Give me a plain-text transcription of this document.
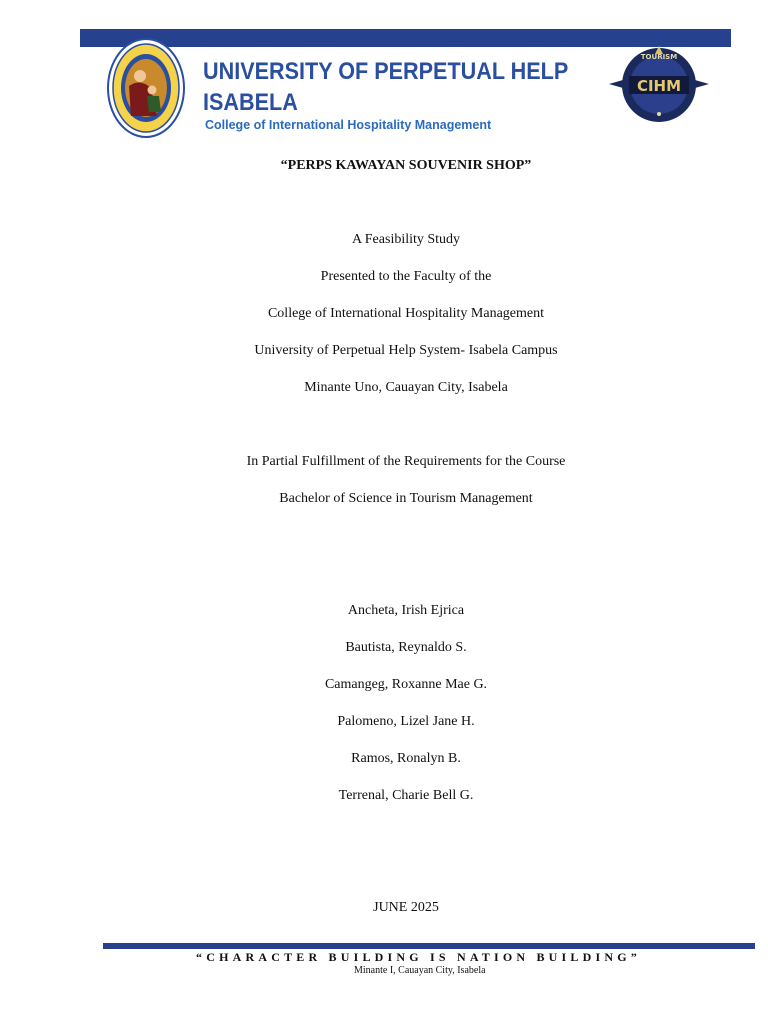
UNIVERSITY OF PERPETUAL HELP
ISABELA
College of International Hospitality Management
TOURISM
CIHM
“PERPS KAWAYAN SOUVENIR SHOP”
A Feasibility Study
Presented to the Faculty of the
College of International Hospitality Management
University of Perpetual Help System- Isabela Campus
Minante Uno, Cauayan City, Isabela
In Partial Fulfillment of the Requirements for the Course
Bachelor of Science in Tourism Management
Ancheta, Irish Ejrica
Bautista, Reynaldo S.
Camangeg, Roxanne Mae G.
Palomeno, Lizel Jane H.
Ramos, Ronalyn B.
Terrenal, Charie Bell G.
JUNE 2025
“CHARACTER BUILDING IS NATION BUILDING”
Minante I, Cauayan City, Isabela
